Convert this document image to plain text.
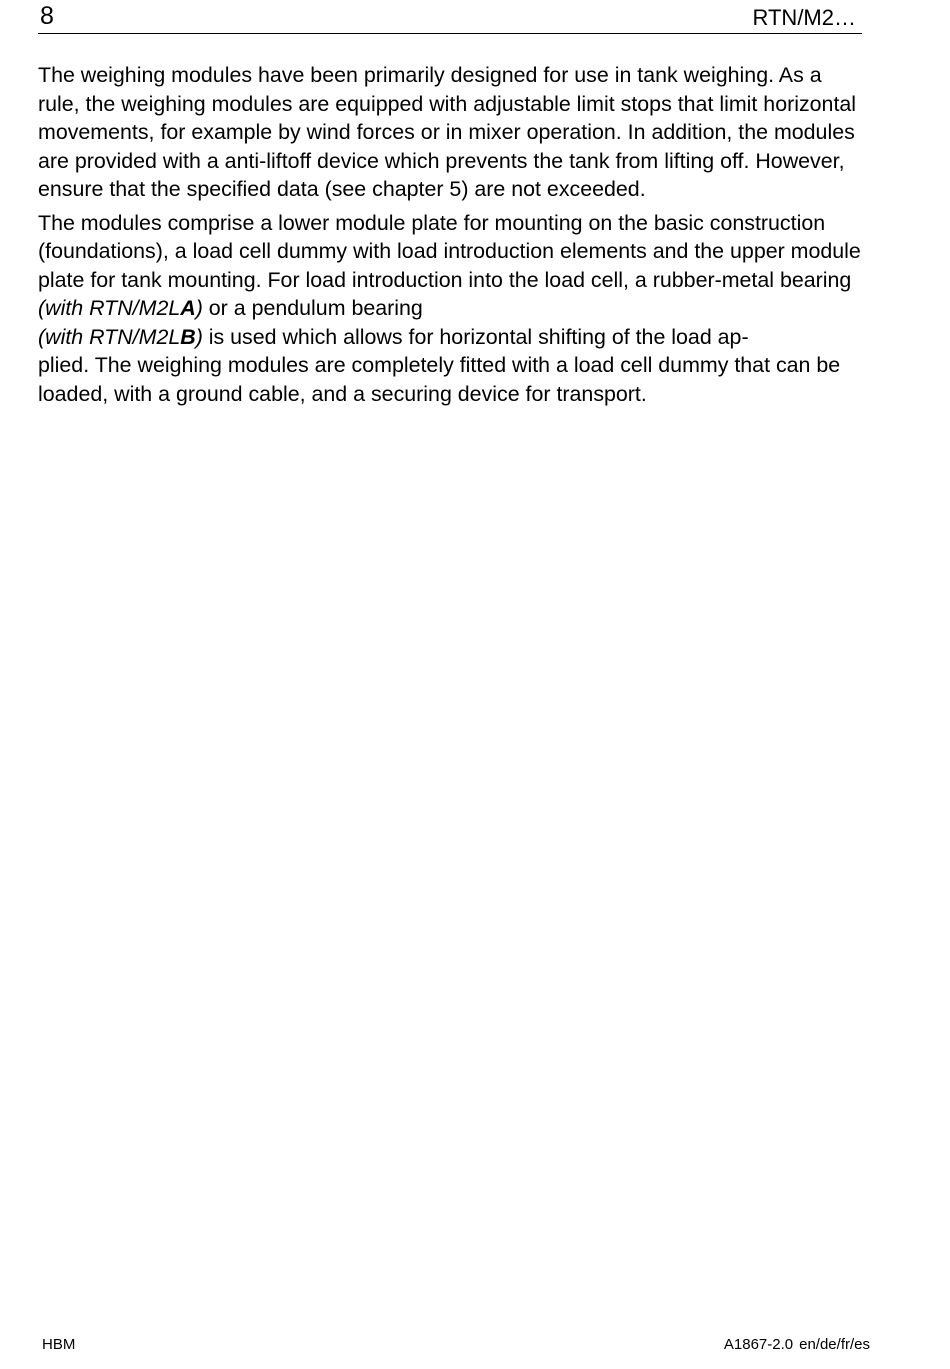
8	RTN/M2…

The weighing modules have been primarily designed for use in tank weighing. As a rule, the weighing modules are equipped with adjustable limit stops that limit horizontal movements, for example by wind forces or in mixer operation. In addition, the modules are provided with a anti-liftoff device which prevents the tank from lifting off. However, ensure that the specified data (see chapter 5) are not exceeded.

The modules comprise a lower module plate for mounting on the basic construction (foundations), a load cell dummy with load introduction elements and the upper module plate for tank mounting. For load introduction into the load cell, a rubber-metal bearing (with RTN/M2LA) or a pendulum bearing
(with RTN/M2LB) is used which allows for horizontal shifting of the load ap-
plied. The weighing modules are completely fitted with a load cell dummy that can be loaded, with a ground cable, and a securing device for transport.

HBM	A1867-2.0 en/de/fr/es
